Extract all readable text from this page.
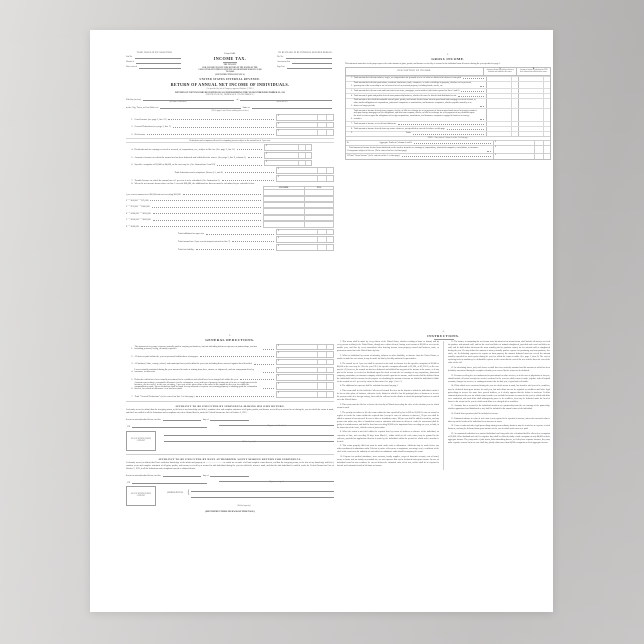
TO BE FILLED IN BY COLLECTOR.
List No.
District of
Date received
Form 1040.
INCOME TAX.
THE PENALTY
FOR FAILURE TO HAVE THIS RETURN IN THE HANDS OF THE COLLECTOR OF INTERNAL REVENUE ON OR BEFORE MARCH 1 IS $20 TO $1,000.
(SEE INSTRUCTIONS ON PAGE 4.)
TO BE FILLED IN BY INTERNAL REVENUE BUREAU.
File No.
Assessment List
Page Line
UNITED STATES INTERNAL REVENUE.
RETURN OF ANNUAL NET INCOME OF INDIVIDUALS.
(As provided by Act of Congress, approved October 3, 1913.)
RETURN OF NET INCOME RECEIVED OR ACCRUED DURING THE YEAR ENDED DECEMBER 31, 191
(FOR THE YEAR 1913, FROM MARCH 1, TO DECEMBER 31.)
Filed by (or for)	of
(Full name of individual.)	(Street and No.)
in the City, Town, or Post Office of	State of
(Fill in pages 2 and 3 before making entries below.)
1. Gross Income (see page 2, line 12)
$
2. General Deductions (see page 3, line 7)
$
3. Net Income
$
Deductions and exemptions allowed in computing income subject to the normal tax of 1 per cent.
4. Dividends and net earnings received or accrued, of corporations, etc., subject to like tax. (See page 2, line 11)
$
5. Amount of income on which the normal tax has been deducted and withheld at the source. (See page 2, line 9, column A)
$
6. Specific exemption of $3,000 or $4,000, as the case may be. (See Instructions 3 and 19)
$
Total deductions and exemptions. (Items 4, 5, and 6)
$
7. Taxable Income on which the normal tax of 1 per cent is to be calculated. (See Instruction 3)
$
8. When the net income shown above on line 3 exceeds $20,000, the additional tax thereon must be calculated as per schedule below:
INCOME.	TAX.
1 per cent on amount over $20,000 and not exceeding $50,000
2 ” ” $50,000 ” ” $75,000
3 ” ” $75,000 ” ” $100,000
4 ” ” $100,000 ” ” $250,000
5 ” ” $250,000 ” ” $500,000
6 ” ” $500,000
Total additional or super tax
$
Total normal tax (1 per cent of amount entered on line 7)
$
Total tax liability
$
2.
GROSS INCOME.
This statement must show in the proper spaces the entire amount of gains, profits, and income received by or accrued to the individual from all sources during the year specified on page 1.
DESCRIPTION OF INCOME.
A.
Amount of income on which tax has been deducted and withheld at the source.
B.
Amount of income on which tax has NOT been deducted and withheld at the source.
1. Total amount derived from salaries, wages, or compensation for personal service of whatever kind and in whatever form paid
2.
Total amount derived from professions, vocations, businesses, trade, commerce, or sales or dealings in property, whether real or personal, growing out of the ownership or use of interest in real or personal property, including bonds, stocks, etc.
3. Total amount derived from rents and from interest on notes, mortgages, and securities (other than reported on lines 5 and 6)
4. Total amount of gains and profits derived from partnership business, whether the same be divided and distributed or not
5.
Total amount of fixed and determinable annual gains, profits, and income derived from interest upon bonds and mortgages or deeds of trust, or other similar obligations of corporations, joint-stock companies or associations, and insurance companies, whether payable annually or at shorter or longer periods
6.
Total amount of income derived from coupons, checks, or bills of exchange for or in payment of interest upon bonds issued in foreign countries and upon foreign mortgages or like obligations, and also from coupons, checks, or bills of exchange for or in payment of any dividends upon the stock or interest upon the obligations of foreign corporations, associations, and insurance companies engaged in business in foreign countries
7. Total amount of income received from fiduciaries
8. Total amount of income derived from any source whatever, not specified or entered elsewhere on this page
9.	Totals
NOTE.—Enter total of Column A on line 5 of first page.
10.	Aggregate Totals of Columns A and B
$
11.
Total amount of income derived from dividends on the stock or from the net earnings of corporations, joint-stock companies, associations, or insurance companies subject to like tax. (To be entered on line 4 of first page)
$
12. Total “Gross Income” (to be entered on line 1 of first page)
$
3.
GENERAL DEDUCTIONS.
1.
The amount of necessary expenses actually paid in carrying on business, but not including business expenses of partnerships, and not including personal, living, or family expenses
$
2. All interest paid within the year on personal indebtedness of taxpayer
$
3. All national, State, county, school, and municipal taxes paid within the year (not including those assessed against local benefits)
$
4.
Losses actually sustained during the year incurred in trade or arising from fires, storms, or shipwreck, and not compensated for by insurance or otherwise
$
5. Debts due which have been actually ascertained to be worthless and which have been charged off within the year
$
6.
Amount representing a reasonable allowance for the exhaustion, wear, and tear of property arising out of its use or employment in the business, not to exceed, in the case of mines, 5 per cent of the gross value at the mine of the output for the year for which the computation is made, but no deduction shall be made for any amount of expense of restoring property or making good the exhaustion thereof, for which an allowance is or has been made
$
7. Total “General Deductions” (to be entered on line 2 of first page)
$
AFFIDAVIT TO BE EXECUTED BY INDIVIDUAL MAKING HIS OWN RETURN.
I solemnly swear (or affirm) that the foregoing return, to the best of my knowledge and belief, contains a true and complete statement of all gains, profits, and income received by or accrued to me during the year for which the return is made, and that I am entitled to all the deductions and exemptions entered or claimed therein, under the Federal Income-tax Law of October 3, 1913.
Sworn to and subscribed before me this	day of
, 191	(Signature of individual.)
SEAL OF OFFICER TAKING AFFIDAVIT
(Official capacity.)
AFFIDAVIT TO BE EXECUTED BY DULY AUTHORIZED AGENT MAKING RETURN FOR INDIVIDUAL.
I solemnly swear (or affirm) that I have sufficient knowledge of the affairs and property of ................................ to enable me to make a full and complete return thereof, and that the foregoing return, to the best of my knowledge and belief, contains a true and complete statement of all gains, profits, and income received by or accrued to said individual during the year for which the return is made, and that the said individual is entitled, under the Federal Income-tax Law of October 3, 1913, to all the deductions and exemptions entered or claimed therein.
Sworn to and subscribed before me this	day of
, 191	(Signature of agent.)
SEAL OF OFFICER TAKING AFFIDAVIT
ADDRESS IN FULL {
(Official capacity.)
(SEE INSTRUCTIONS ON BACK OF THIS PAGE.)
4.
INSTRUCTIONS.

1. This return shall be made by every citizen of the United States, whether residing at home or abroad, and by every person residing in the United States, though not a citizen thereof, having a net income of $3,000 or over for the taxable year, and also by every nonresident alien deriving income from property owned and business, trade, or profession carried on in the United States by him.

2. When an individual by reason of minority, sickness or other disability, or absence from the United States, is unable to make his own return, it may be made for him by his duly authorized representative.

3. The normal tax of 1 per cent shall be assessed on the total net income less the specific exemption of $3,000 or $4,000 as the case may be. (For the year 1913, the specific exemption allowable is $2,500, or $3,333.33, as the case may be.) If, however, the normal tax has been deducted and withheld on any part of the income at the source, or if any part of the income is received as dividends upon the stock or from the net earnings of any corporation, joint-stock company, association, or insurance company which is taxable upon its net income, such income shall be deducted from the individual's total net income for the purpose of calculating the amount of income on which the individual is liable for the normal tax of 1 per cent by virtue of this return. (See page 1, line 7.)

4. The additional or super tax shall be calculated as stated on page 1.

5. This return shall be filed with the Collector of Internal Revenue for the district in which the individual resides if he has no other place of business, otherwise in the district in which he has his principal place of business; or in case the person resides in a foreign country, then with the collector for the district in which his principal business is carried on in the United States.

6. This return must be filed on or before the first day of March succeeding the close of the calendar year for which return is made.

7. The penalty for failure to file the return within the time specified by law is $20 to $1,000. In case of refusal or neglect to render the return within the required time (except in cases of sickness or absence), 50 per cent shall be added to amount of tax assessed. In case of false or fraudulent return, 100 per cent shall be added to such tax, and any person who makes any false or fraudulent return or statement with intent to defeat or evade the assessment shall be guilty of a misdemeanor, and shall be fined not exceeding $2,000 or be imprisoned not exceeding one year, or both, in the discretion of the court, with the costs of prosecution.

8. When the return is not filed within the required time by reason of sickness or absence of the individual, an extension of time, not exceeding 30 days from March 1, within which to file such return, may be granted by the collector, provided an application therefor is made by the individual within the period for which such extension is desired.

9. This return properly filled out must be made under oath or affirmation. Affidavits may be made before any officer authorized to administer oaths. If before a justice of the peace or magistrate, not using a seal, a certificate of the clerk of the court as to the authority of such officer to administer oaths should accompany the return.

10. Expense for medical attendance, store accounts, family supplies, wages of domestic servants, cost of board, room, or house rent for family or personal use, are not expenses that can be deducted from gross income. In case an individual owns his own residence he can not deduct the estimated value of his rent, neither shall he be required to include such estimated rental of his home as income.

11. The farmer, in computing the net income from his farm for his annual return, shall include all moneys received for produce and animals sold, and for the wool and hides of animals slaughtered, provided such wool and hides are sold, and he shall deduct therefrom the sums actually paid as purchase money for the animals sold or slaughtered during the year. He may deduct the amount of money actually paid as expense for producing any farm products, live stock, etc. In deducting expenses for repairs on farm property the amount deducted must not exceed the amount actually expended for such repairs during the year for which the return is made. (See page 3, item 6.) The cost of replacing tools or machinery is a deductible expense to the extent that the cost of the new articles does not exceed the value of the old.

12. In calculating losses, only such losses as shall have been actually sustained and the amount of which has been definitely ascertained during the complete calendar year covered by the return can be deducted.

13. Persons receiving fees or emoluments for professional or other services, as in the case of physicians or lawyers, should include all actual receipts for services rendered in the year for which return is made, together with all unpaid accounts, charges for services, or contingent income due for that year, if good and collectable.

14. Debts which were contracted during the year for which return is made, but found in said year to be worthless, may be deducted from gross income for said year, but such debts can not be regarded as worthless until after legal proceedings to recover the same have proved fruitless, or it clearly appears that the debtor is insolvent. If debts contracted prior to the year for which return is made were included as income in return for the year in which said debts were contracted, and such debts shall subsequently prove to be worthless, they may be deducted under the head of losses in the return for the year in which such debts were charged off as worthless.

15. Amounts due or accrued to the individual members of a partnership from the net earnings of the partnership, whether apportioned and distributed or not, shall be included in the annual return of the individual.

16. United States pensions shall be included as income.

17. Estimated advance in value of real estate is not required to be reported as income, unless the increased value is taken up on the books of the individual as an increase of assets.

18. Costs of suits and other legal proceedings arising from ordinary business may be treated as an expense of such business, and may be deducted from gross income for the year in which such costs were paid.

19. An unmarried individual or a married individual not living with wife or husband shall be allowed an exemption of $3,000. When husband and wife live together they shall be allowed jointly a total exemption of only $4,000 on their aggregate income. They may make a joint return, both subscribing thereto, or if they have separate incomes, they may make separate returns; but in no case shall they jointly claim more than $4,000 exemption on their aggregate income.
